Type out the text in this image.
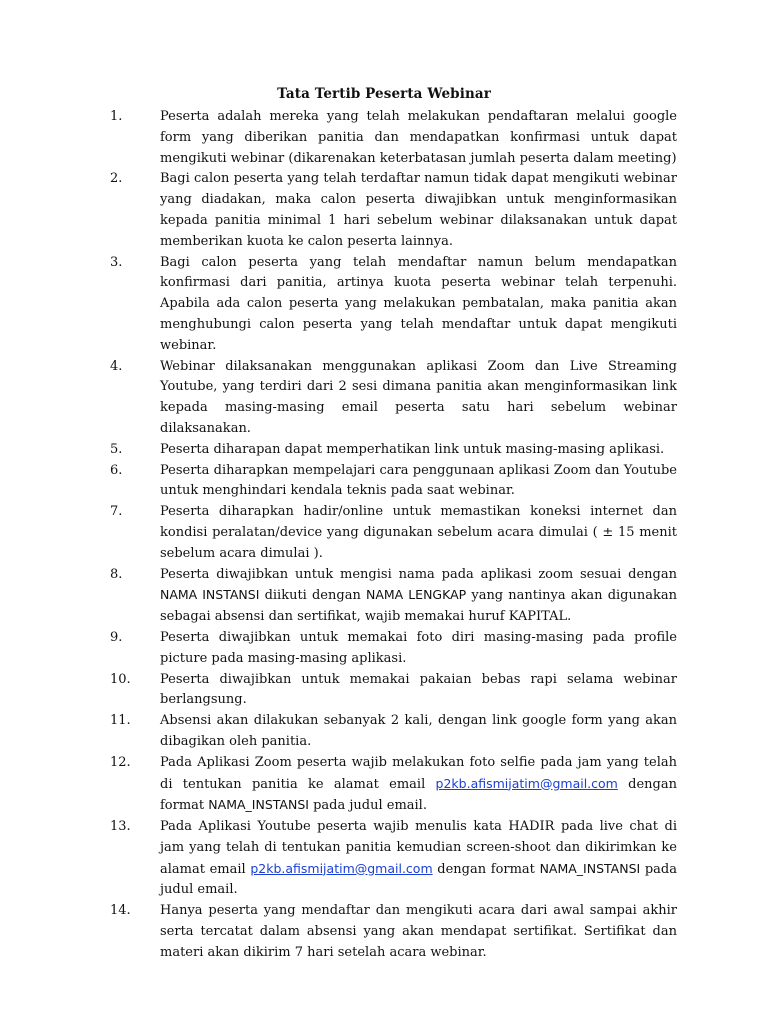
Tata Tertib Peserta Webinar
1.	Peserta adalah mereka yang telah melakukan pendaftaran melalui google form yang diberikan panitia dan mendapatkan konfirmasi untuk dapat mengikuti webinar (dikarenakan keterbatasan jumlah peserta dalam meeting)
2.	Bagi calon peserta yang telah terdaftar namun tidak dapat mengikuti webinar yang diadakan, maka calon peserta diwajibkan untuk menginformasikan kepada panitia minimal 1 hari sebelum webinar dilaksanakan untuk dapat memberikan kuota ke calon peserta lainnya.
3.	Bagi calon peserta yang telah mendaftar namun belum mendapatkan konfirmasi dari panitia, artinya kuota peserta webinar telah terpenuhi. Apabila ada calon peserta yang melakukan pembatalan, maka panitia akan menghubungi calon peserta yang telah mendaftar untuk dapat mengikuti webinar.
4.	Webinar dilaksanakan menggunakan aplikasi Zoom dan Live Streaming Youtube, yang terdiri dari 2 sesi dimana panitia akan menginformasikan link kepada masing-masing email peserta satu hari sebelum webinar dilaksanakan.
5.	Peserta diharapan dapat memperhatikan link untuk masing-masing aplikasi.
6.	Peserta diharapkan mempelajari cara penggunaan aplikasi Zoom dan Youtube untuk menghindari kendala teknis pada saat webinar.
7.	Peserta diharapkan hadir/online untuk memastikan koneksi internet dan kondisi peralatan/device yang digunakan sebelum acara dimulai ( ± 15 menit sebelum acara dimulai ).
8.	Peserta diwajibkan untuk mengisi nama pada aplikasi zoom sesuai dengan NAMA INSTANSI diikuti dengan NAMA LENGKAP yang nantinya akan digunakan sebagai absensi dan sertifikat, wajib memakai huruf KAPITAL.
9.	Peserta diwajibkan untuk memakai foto diri masing-masing pada profile picture pada masing-masing aplikasi.
10.	Peserta diwajibkan untuk memakai pakaian bebas rapi selama webinar berlangsung.
11.	Absensi akan dilakukan sebanyak 2 kali, dengan link google form yang akan dibagikan oleh panitia.
12.	Pada Aplikasi Zoom peserta wajib melakukan foto selfie pada jam yang telah di tentukan panitia ke alamat email p2kb.afismijatim@gmail.com dengan format NAMA_INSTANSI pada judul email.
13.	Pada Aplikasi Youtube peserta wajib menulis kata HADIR pada live chat di jam yang telah di tentukan panitia kemudian screen-shoot dan dikirimkan ke alamat email p2kb.afismijatim@gmail.com dengan format NAMA_INSTANSI pada judul email.
14.	Hanya peserta yang mendaftar dan mengikuti acara dari awal sampai akhir serta tercatat dalam absensi yang akan mendapat sertifikat. Sertifikat dan materi akan dikirim 7 hari setelah acara webinar.
